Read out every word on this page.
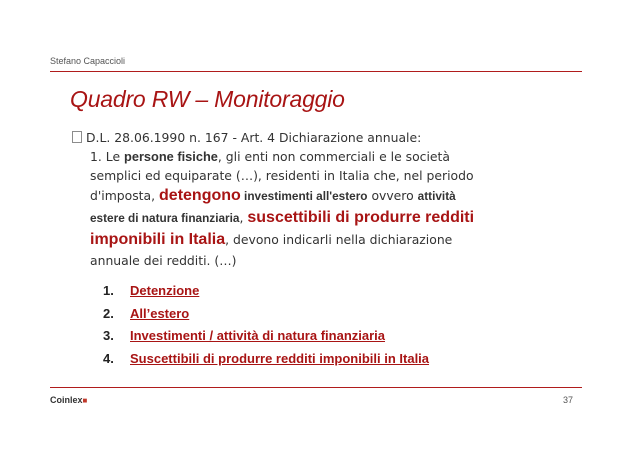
Stefano Capaccioli
Quadro RW – Monitoraggio
D.L. 28.06.1990 n. 167 - Art. 4 Dichiarazione annuale:
1. Le persone fisiche, gli enti non commerciali e le società
semplici ed equiparate (…), residenti in Italia che, nel periodo
d'imposta, detengono investimenti all'estero ovvero attività
estere di natura finanziaria, suscettibili di produrre redditi
imponibili in Italia, devono indicarli nella dichiarazione
annuale dei redditi. (…)
1. Detenzione
2. All’estero
3. Investimenti / attività di natura finanziaria
4. Suscettibili di produrre redditi imponibili in Italia
Coinlex■	37
